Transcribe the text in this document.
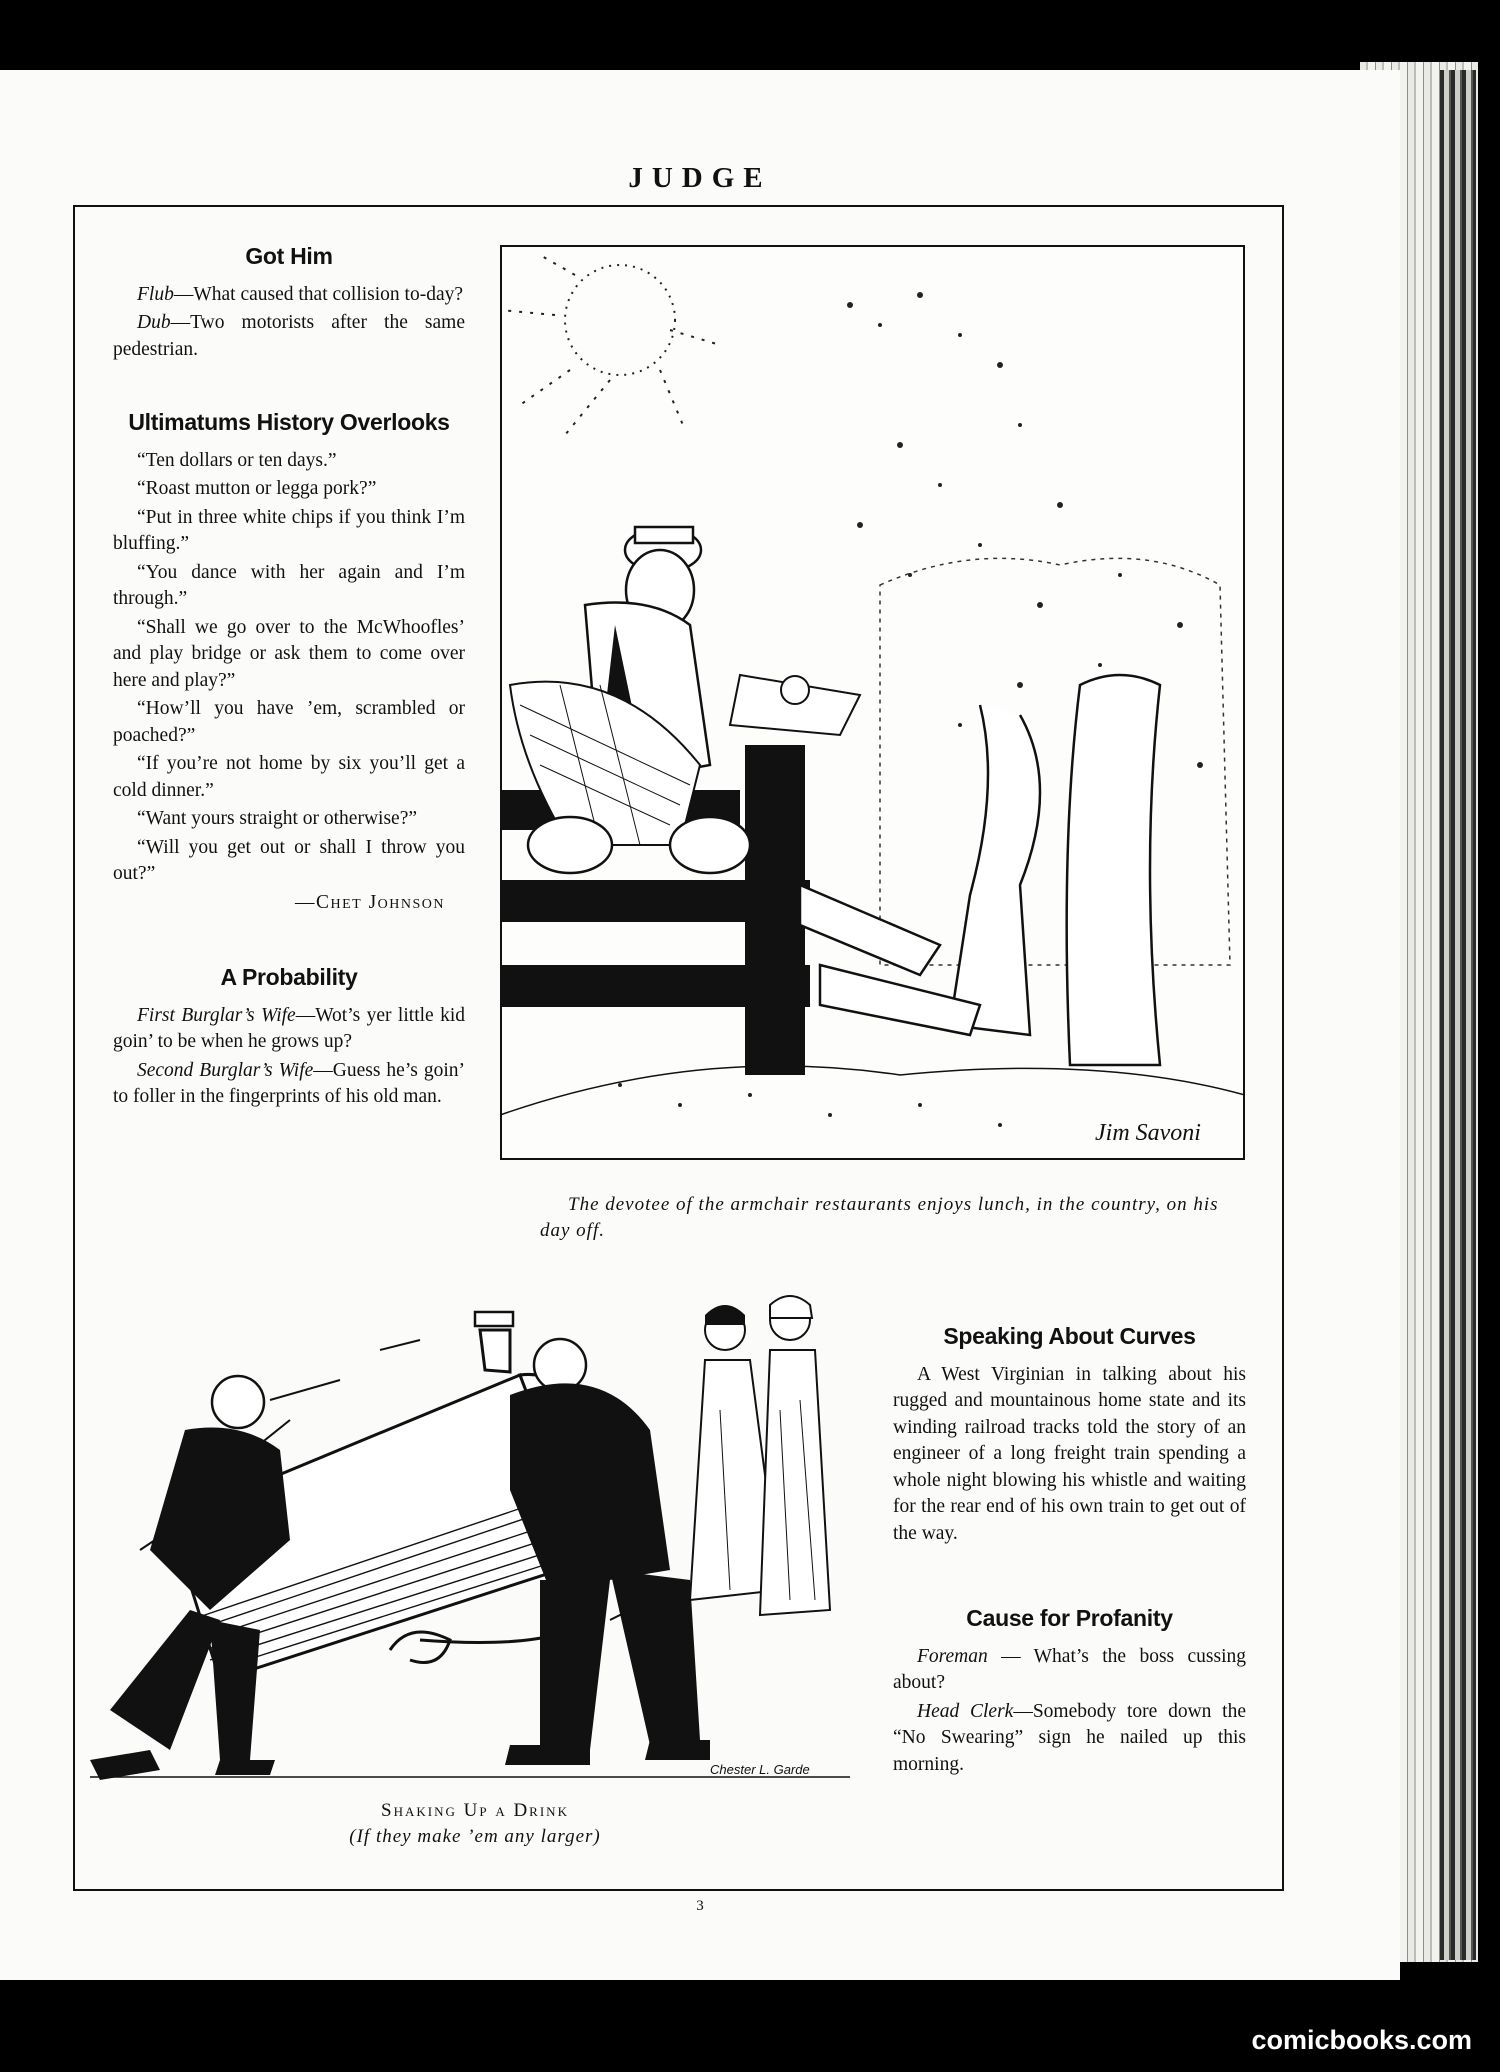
JUDGE
Got Him

Flub—What caused that collision to-day?

Dub—Two motorists after the same pedestrian.

Ultimatums History Overlooks

“Ten dollars or ten days.”

“Roast mutton or legga pork?”

“Put in three white chips if you think I’m bluffing.”

“You dance with her again and I’m through.”

“Shall we go over to the McWhoofles’ and play bridge or ask them to come over here and play?”

“How’ll you have ’em, scrambled or poached?”

“If you’re not home by six you’ll get a cold dinner.”

“Want yours straight or otherwise?”

“Will you get out or shall I throw you out?”

—Chet Johnson

A Probability

First Burglar’s Wife—Wot’s yer little kid goin’ to be when he grows up?

Second Burglar’s Wife—Guess he’s goin’ to foller in the fingerprints of his old man.

Jim Savoni
The devotee of the armchair restaurants enjoys lunch, in the country, on his day off.
Chester L. Garde
Shaking Up a Drink
(If they make ’em any larger)
Speaking About Curves

A West Virginian in talking about his rugged and mountainous home state and its winding railroad tracks told the story of an engineer of a long freight train spending a whole night blowing his whistle and waiting for the rear end of his own train to get out of the way.

Cause for Profanity

Foreman — What’s the boss cussing about?

Head Clerk—Somebody tore down the “No Swearing” sign he nailed up this morning.

3
comicbooks.com
